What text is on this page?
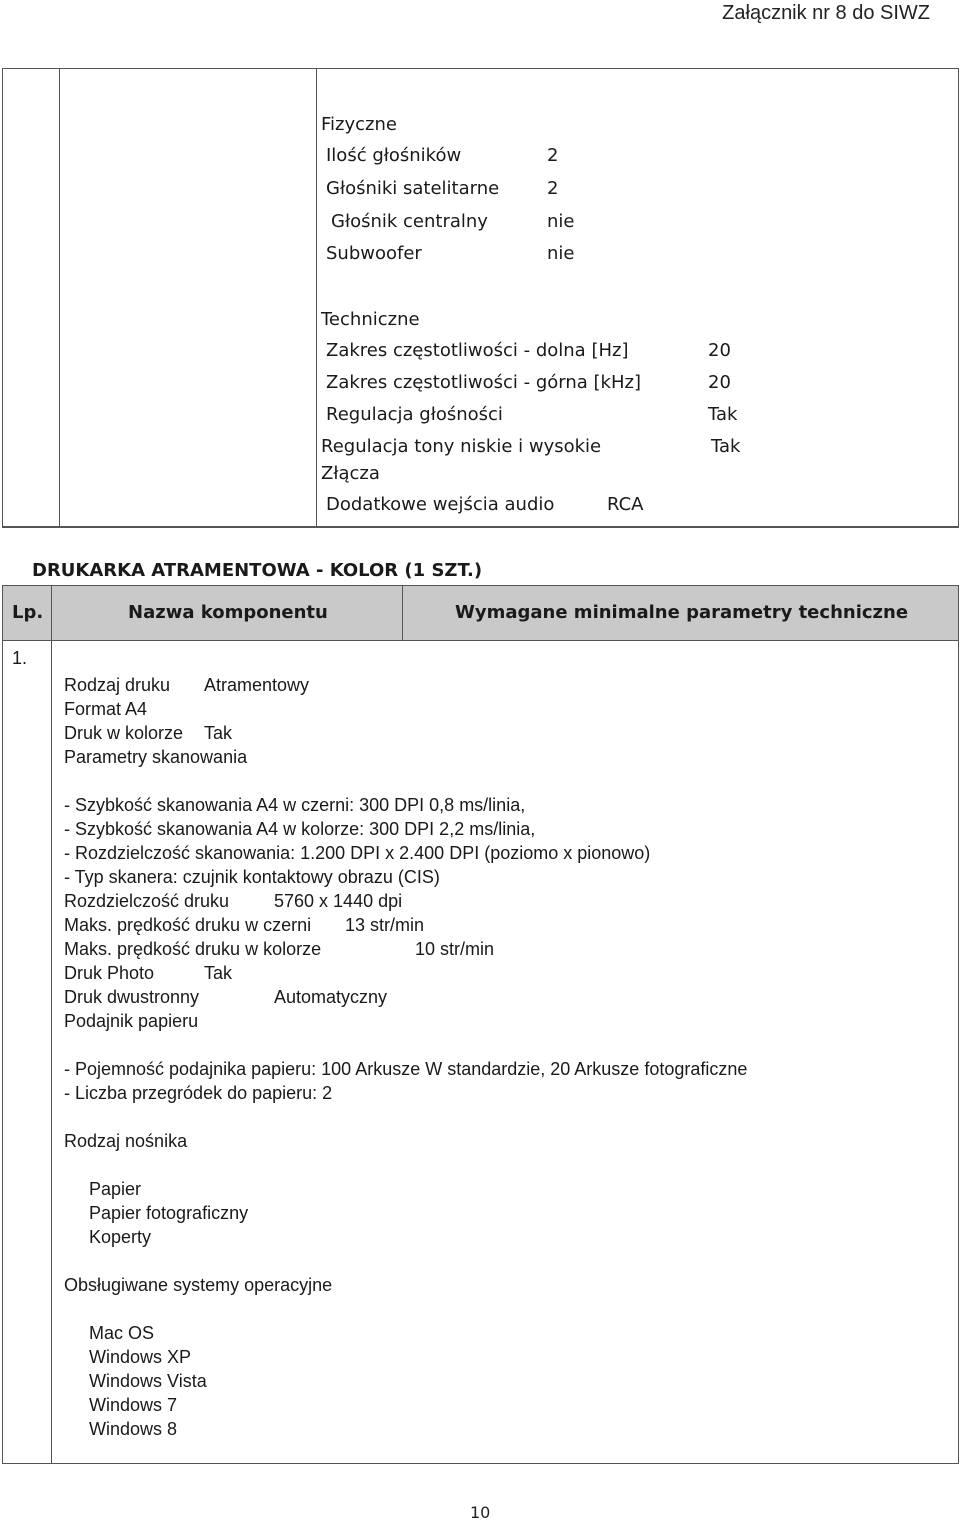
Załącznik nr 8 do SIWZ
Fizyczne
Ilość głośników	2
Głośniki satelitarne	2
Głośnik centralny	nie
Subwoofer	nie
Techniczne
Zakres częstotliwości - dolna [Hz]	20
Zakres częstotliwości - górna [kHz]	20
Regulacja głośności	Tak
Regulacja tony niskie i wysokie	Tak
Złącza
Dodatkowe wejścia audio	RCA
DRUKARKA ATRAMENTOWA - KOLOR (1 SZT.)
Lp.	Nazwa komponentu	Wymagane minimalne parametry techniczne
1.
Rodzaj druku Atramentowy
Format A4
Druk w kolorze Tak
Parametry skanowania
- Szybkość skanowania A4 w czerni: 300 DPI 0,8 ms/linia,
- Szybkość skanowania A4 w kolorze: 300 DPI 2,2 ms/linia,
- Rozdzielczość skanowania: 1.200 DPI x 2.400 DPI (poziomo x pionowo)
- Typ skanera: czujnik kontaktowy obrazu (CIS)
Rozdzielczość druku 5760 x 1440 dpi
Maks. prędkość druku w czerni 13 str/min
Maks. prędkość druku w kolorze	10 str/min
Druk Photo	Tak
Druk dwustronny	Automatyczny
Podajnik papieru
- Pojemność podajnika papieru: 100 Arkusze W standardzie, 20 Arkusze fotograficzne
- Liczba przegródek do papieru: 2
Rodzaj nośnika
Papier
Papier fotograficzny
Koperty
Obsługiwane systemy operacyjne
Mac OS
Windows XP
Windows Vista
Windows 7
Windows 8
10
